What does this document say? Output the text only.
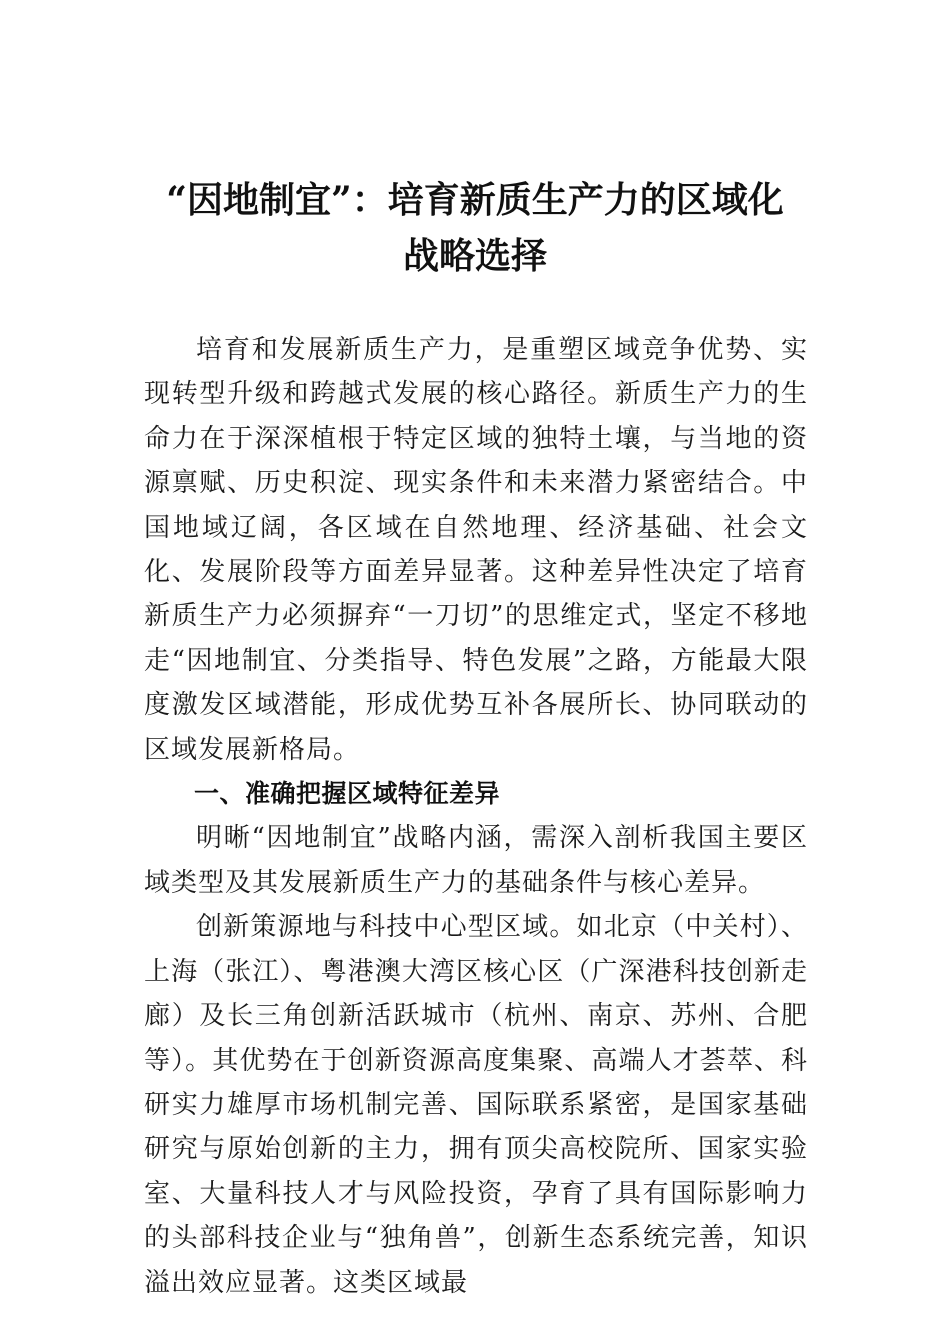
“因地制宜”：培育新质生产力的区域化
战略选择

培育和发展新质生产力，是重塑区域竞争优势、实现转型升级和跨越式发展的核心路径。新质生产力的生命力在于深深植根于特定区域的独特土壤，与当地的资源禀赋、历史积淀、现实条件和未来潜力紧密结合。中国地域辽阔，各区域在自然地理、经济基础、社会文化、发展阶段等方面差异显著。这种差异性决定了培育新质生产力必须摒弃“一刀切”的思维定式，坚定不移地走“因地制宜、分类指导、特色发展”之路，方能最大限度激发区域潜能，形成优势互补各展所长、协同联动的区域发展新格局。

一、准确把握区域特征差异

明晰“因地制宜”战略内涵，需深入剖析我国主要区域类型及其发展新质生产力的基础条件与核心差异。

创新策源地与科技中心型区域。如北京（中关村）、上海（张江）、粤港澳大湾区核心区（广深港科技创新走廊）及长三角创新活跃城市（杭州、南京、苏州、合肥等）。其优势在于创新资源高度集聚、高端人才荟萃、科研实力雄厚市场机制完善、国际联系紧密，是国家基础研究与原始创新的主力，拥有顶尖高校院所、国家实验室、大量科技人才与风险投资，孕育了具有国际影响力的头部科技企业与“独角兽”，创新生态系统完善，知识溢出效应显著。这类区域最
